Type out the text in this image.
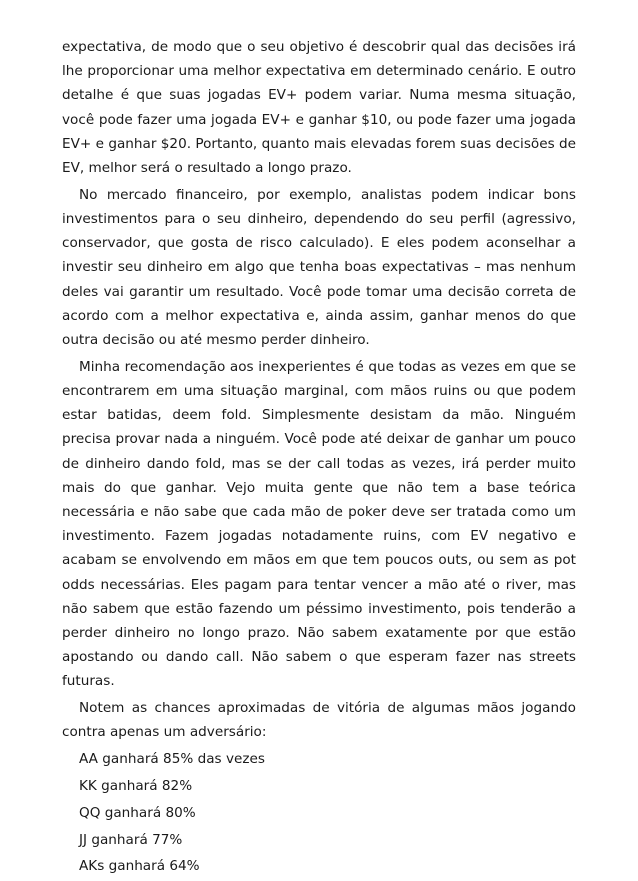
expectativa, de modo que o seu objetivo é descobrir qual das decisões irá lhe proporcionar uma melhor expectativa em determinado cenário. E outro detalhe é que suas jogadas EV+ podem variar. Numa mesma situação, você pode fazer uma jogada EV+ e ganhar $10, ou pode fazer uma jogada EV+ e ganhar $20. Portanto, quanto mais elevadas forem suas decisões de EV, melhor será o resultado a longo prazo.

No mercado financeiro, por exemplo, analistas podem indicar bons investimentos para o seu dinheiro, dependendo do seu perfil (agressivo, conservador, que gosta de risco calculado). E eles podem aconselhar a investir seu dinheiro em algo que tenha boas expectativas – mas nenhum deles vai garantir um resultado. Você pode tomar uma decisão correta de acordo com a melhor expectativa e, ainda assim, ganhar menos do que outra decisão ou até mesmo perder dinheiro.

Minha recomendação aos inexperientes é que todas as vezes em que se encontrarem em uma situação marginal, com mãos ruins ou que podem estar batidas, deem fold. Simplesmente desistam da mão. Ninguém precisa provar nada a ninguém. Você pode até deixar de ganhar um pouco de dinheiro dando fold, mas se der call todas as vezes, irá perder muito mais do que ganhar. Vejo muita gente que não tem a base teórica necessária e não sabe que cada mão de poker deve ser tratada como um investimento. Fazem jogadas notadamente ruins, com EV negativo e acabam se envolvendo em mãos em que tem poucos outs, ou sem as pot odds necessárias. Eles pagam para tentar vencer a mão até o river, mas não sabem que estão fazendo um péssimo investimento, pois tenderão a perder dinheiro no longo prazo. Não sabem exatamente por que estão apostando ou dando call. Não sabem o que esperam fazer nas streets futuras.

Notem as chances aproximadas de vitória de algumas mãos jogando contra apenas um adversário:

AA ganhará 85% das vezes
KK ganhará 82%
QQ ganhará 80%
JJ ganhará 77%
AKs ganhará 64%
